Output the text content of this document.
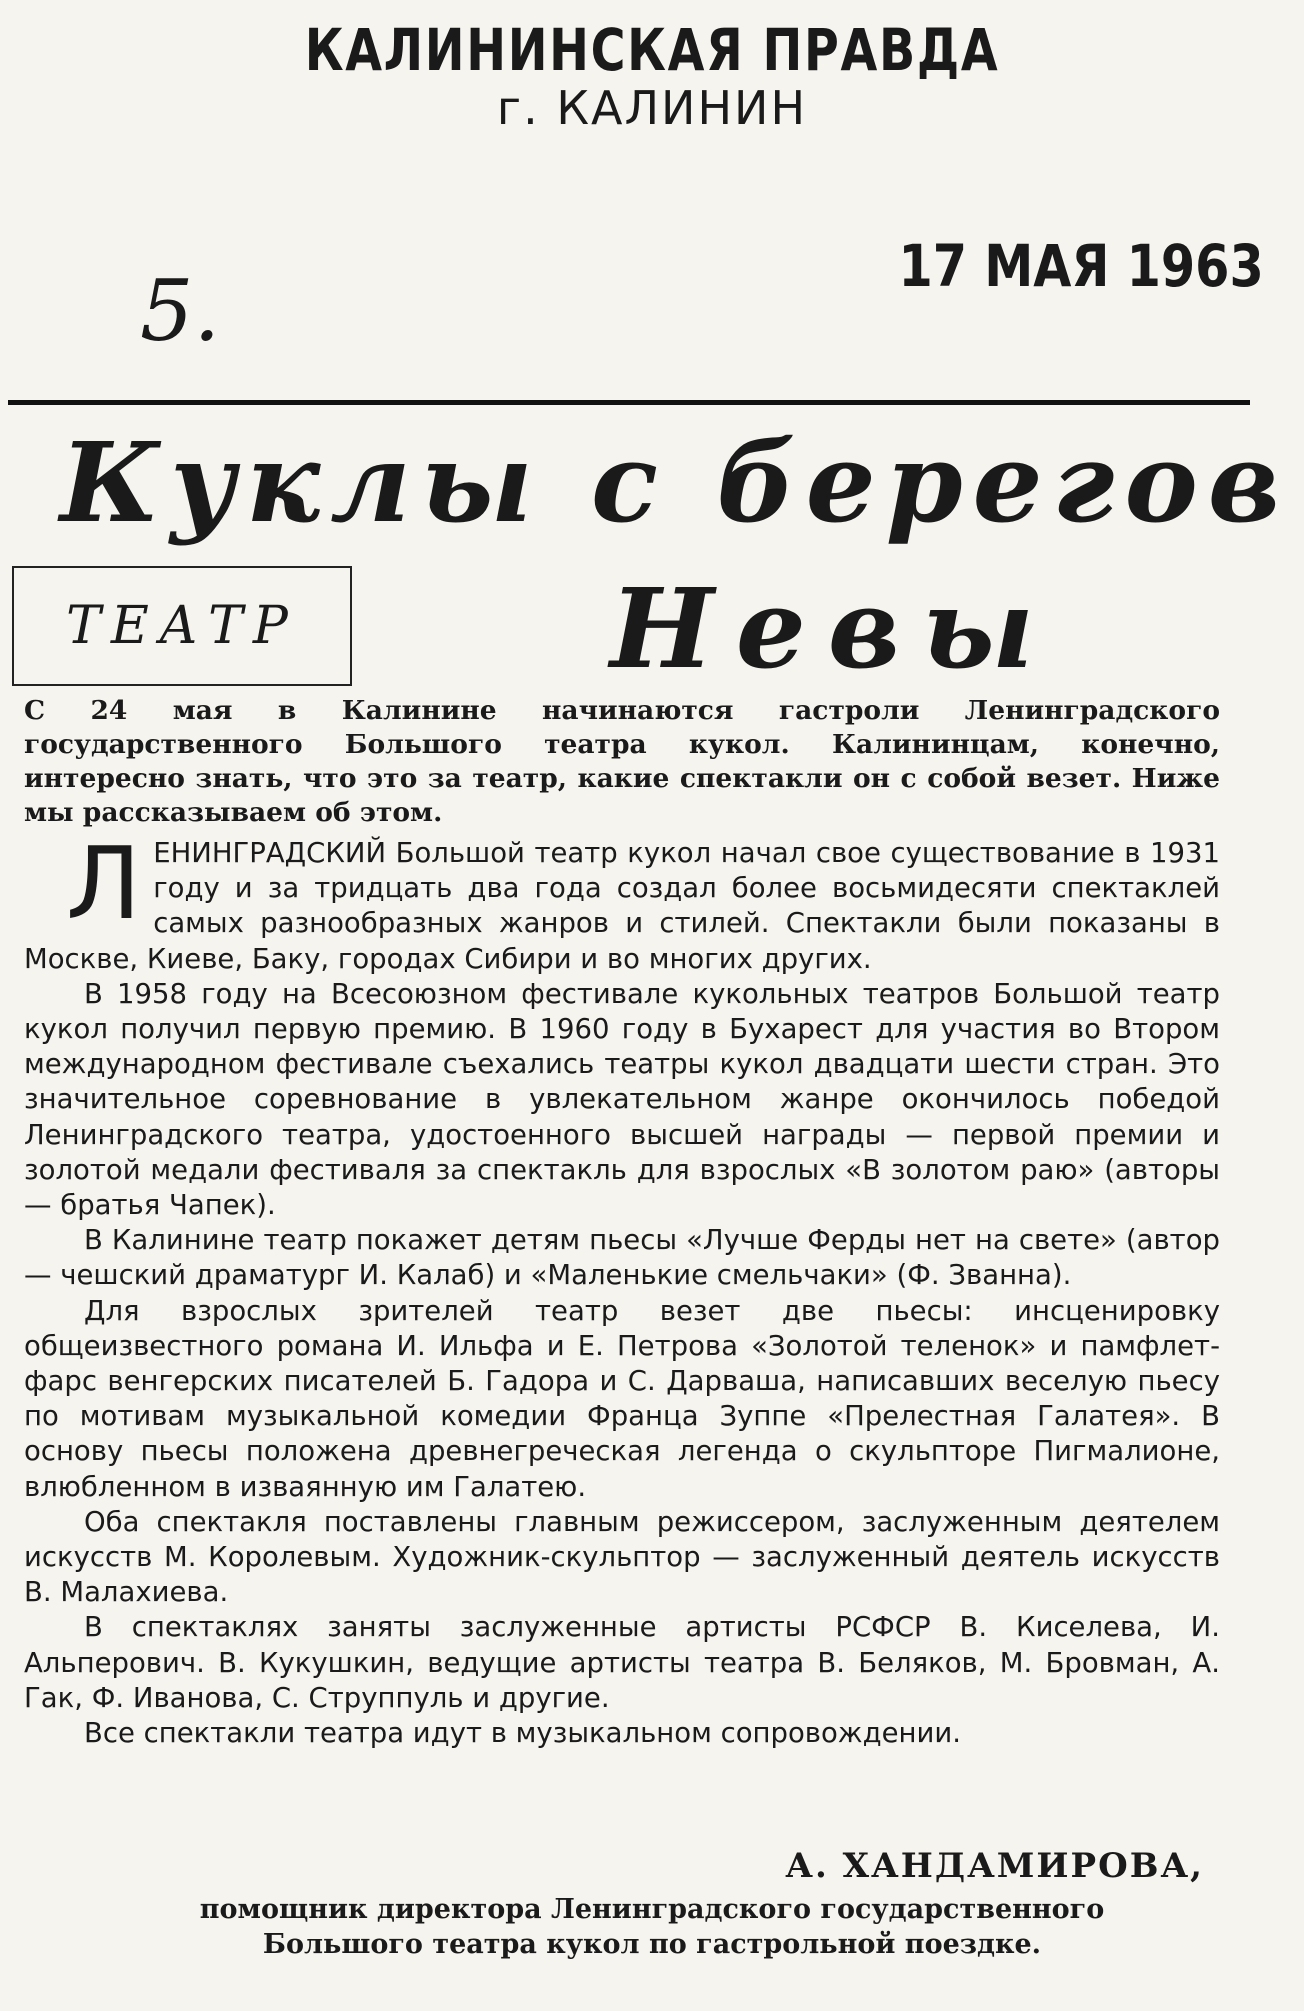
КАЛИНИНСКАЯ ПРАВДА
г. КАЛИНИН
17 МАЯ 1963
5.
Куклы с берегов
ТЕАТР	Невы
С 24 мая в Калинине начинаются гастроли Ленинградского государственного Большого театра кукол. Калининцам, конечно, интересно знать, что это за театр, какие спектакли он с собой везет. Ниже мы рассказываем об этом.

ЛЕНИНГРАДСКИЙ Большой театр кукол начал свое существование в 1931 году и за тридцать два года создал более восьмидесяти спектаклей самых разнообразных жанров и стилей. Спектакли были показаны в Москве, Киеве, Баку, городах Сибири и во многих других.

В 1958 году на Всесоюзном фестивале кукольных театров Большой театр кукол получил первую премию. В 1960 году в Бухарест для участия во Втором международном фестивале съехались театры кукол двадцати шести стран. Это значительное соревнование в увлекательном жанре окончилось победой Ленинградского театра, удостоенного высшей награды — первой премии и золотой медали фестиваля за спектакль для взрослых «В золотом раю» (авторы — братья Чапек).

В Калинине театр покажет детям пьесы «Лучше Ферды нет на свете» (автор — чешский драматург И. Калаб) и «Маленькие смельчаки» (Ф. Званна).

Для взрослых зрителей театр везет две пьесы: инсценировку общеизвестного романа И. Ильфа и Е. Петрова «Золотой теленок» и памфлет-фарс венгерских писателей Б. Гадора и С. Дарваша, написавших веселую пьесу по мотивам музыкальной комедии Франца Зуппе «Прелестная Галатея». В основу пьесы положена древнегреческая легенда о скульпторе Пигмалионе, влюбленном в изваянную им Галатею.

Оба спектакля поставлены главным режиссером, заслуженным деятелем искусств М. Королевым. Художник-скульптор — заслуженный деятель искусств В. Малахиева.

В спектаклях заняты заслуженные артисты РСФСР В. Киселева, И. Альперович. В. Кукушкин, ведущие артисты театра В. Беляков, М. Бровман, А. Гак, Ф. Иванова, С. Струппуль и другие.

Все спектакли театра идут в музыкальном сопровождении.

А. ХАНДАМИРОВА,
помощник директора Ленинградского государственного
Большого театра кукол по гастрольной поездке.
